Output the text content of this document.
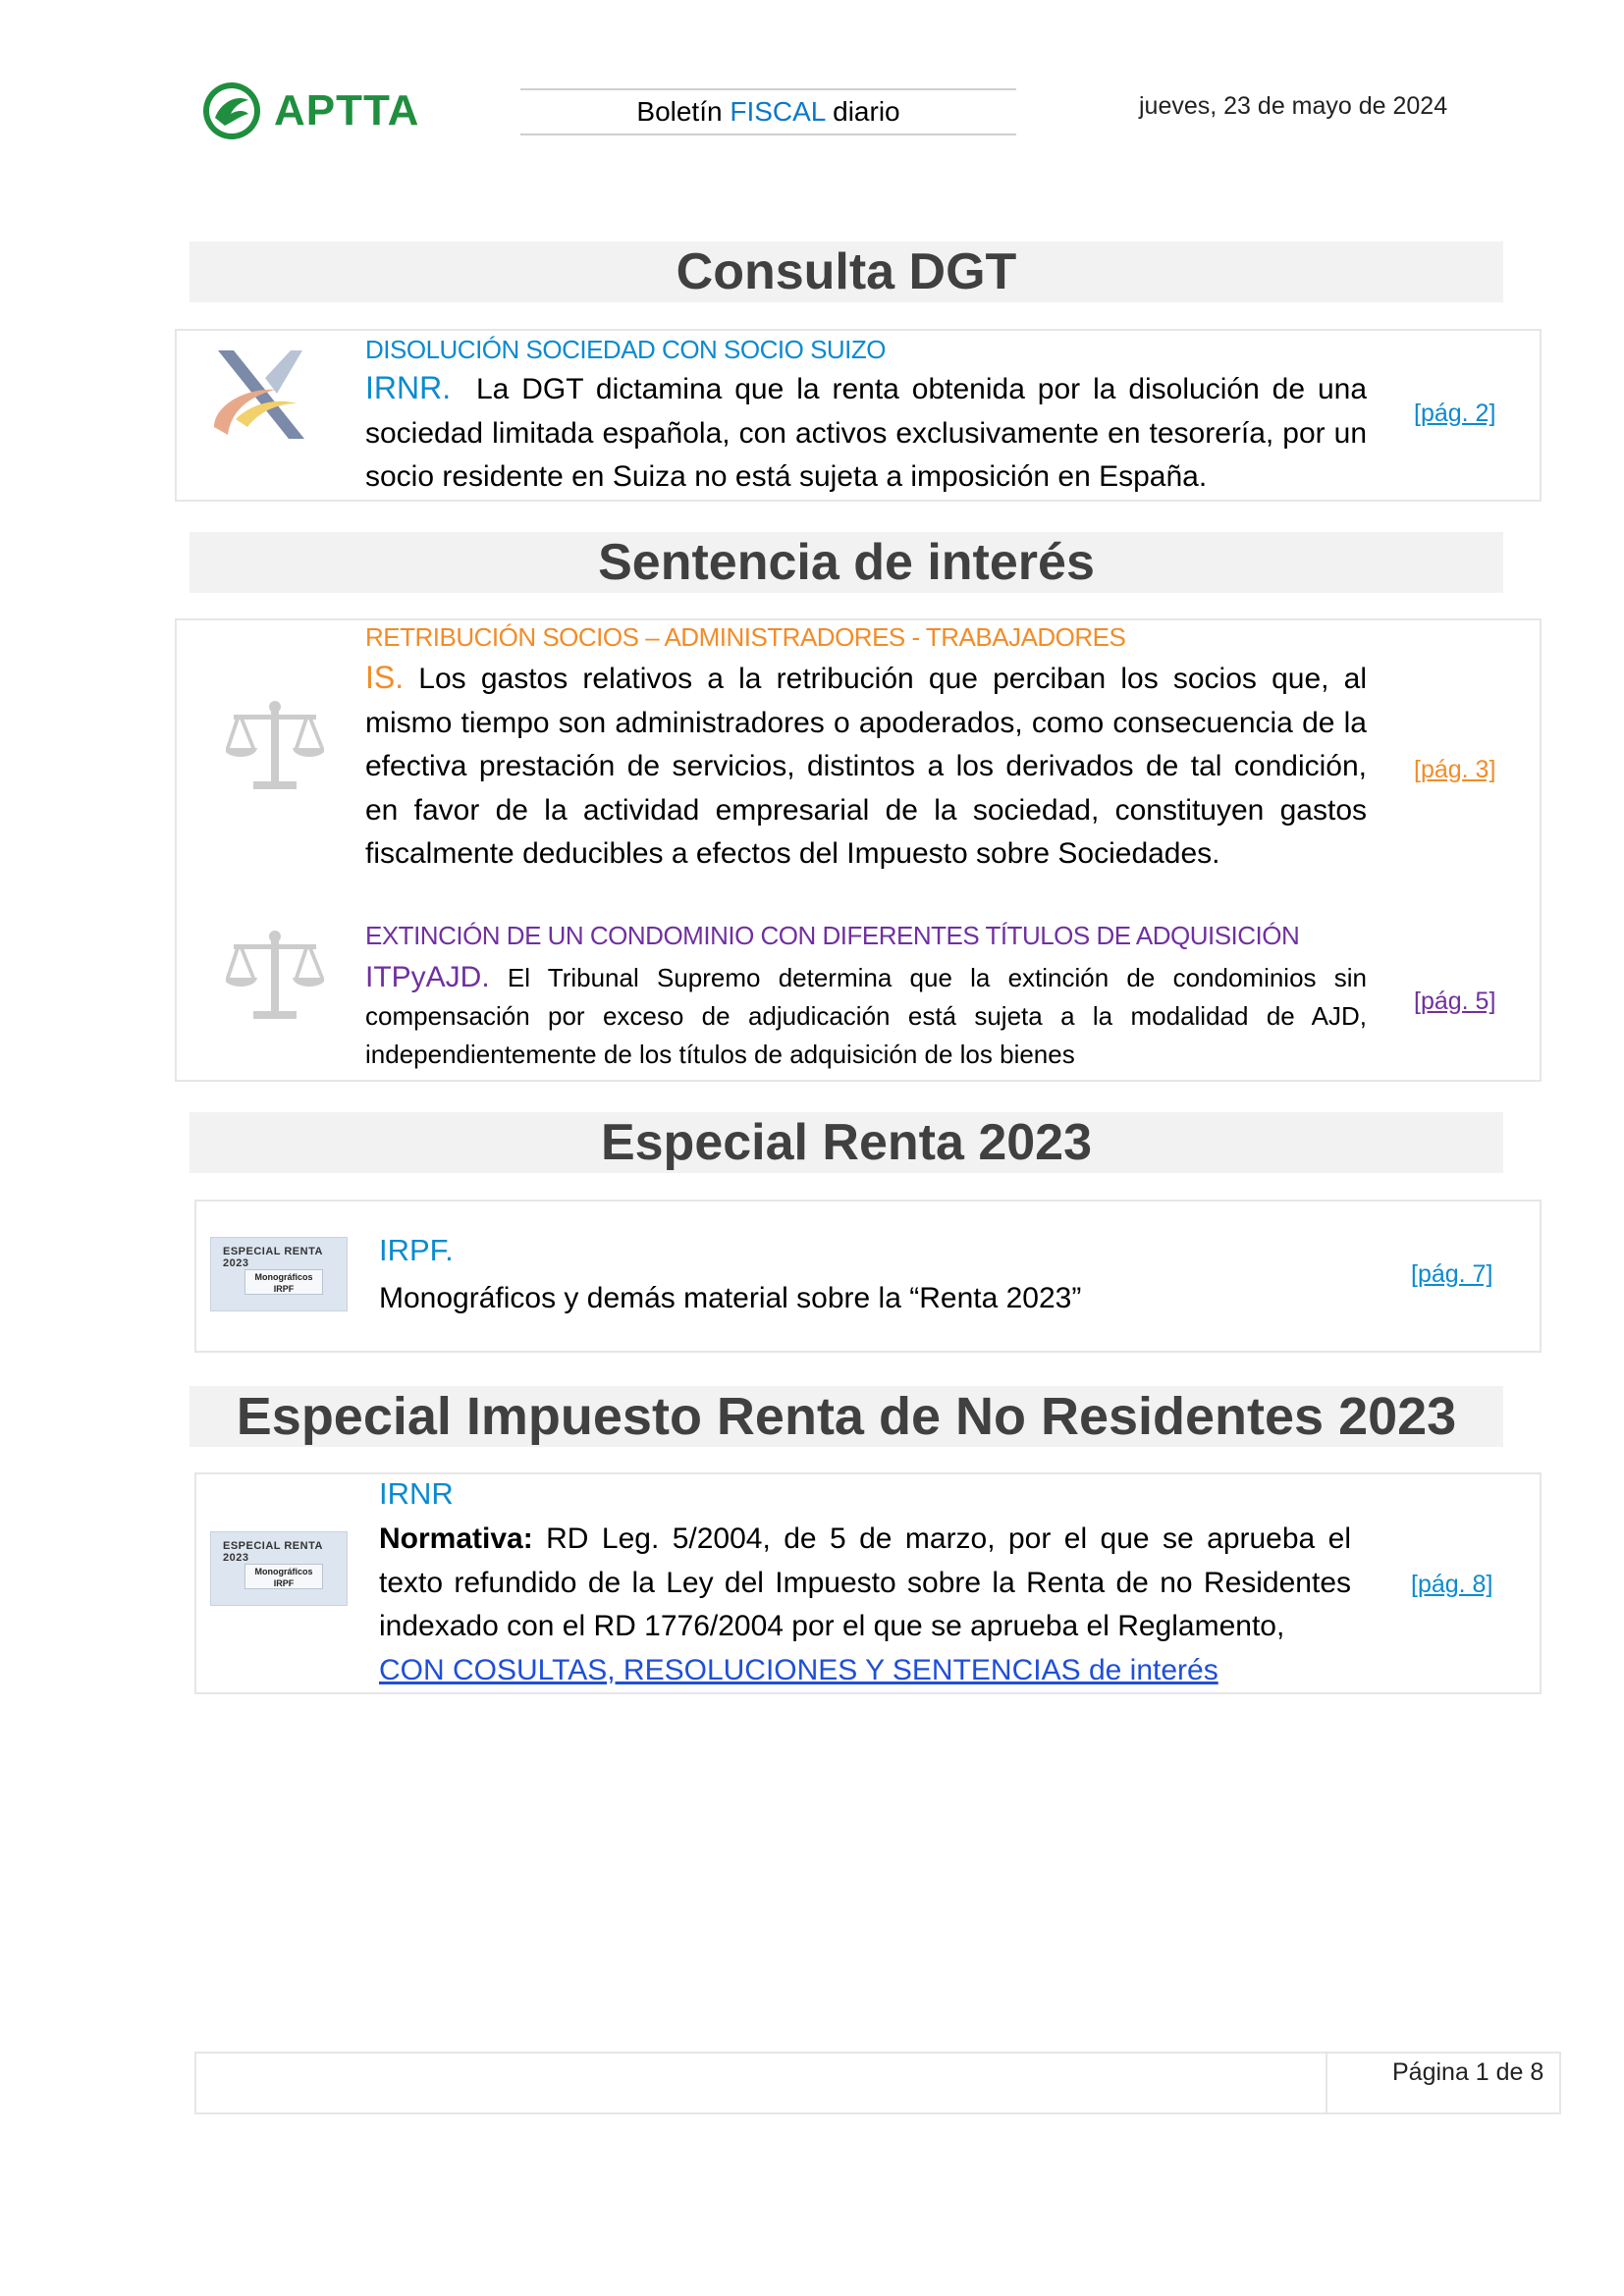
APTTA	Boletín FISCAL diario	jueves, 23 de mayo de 2024
Consulta DGT
DISOLUCIÓN SOCIEDAD CON SOCIO SUIZO
IRNR. La DGT dictamina que la renta obtenida por la disolución de una sociedad limitada española, con activos exclusivamente en tesorería, por un socio residente en Suiza no está sujeta a imposición en España.
[pág. 2]
Sentencia de interés
RETRIBUCIÓN SOCIOS – ADMINISTRADORES - TRABAJADORES
IS. Los gastos relativos a la retribución que perciban los socios que, al mismo tiempo son administradores o apoderados, como consecuencia de la efectiva prestación de servicios, distintos a los derivados de tal condición, en favor de la actividad empresarial de la sociedad, constituyen gastos fiscalmente deducibles a efectos del Impuesto sobre Sociedades.
[pág. 3]
EXTINCIÓN DE UN CONDOMINIO CON DIFERENTES TÍTULOS DE ADQUISICIÓN
ITPyAJD. El Tribunal Supremo determina que la extinción de condominios sin compensación por exceso de adjudicación está sujeta a la modalidad de AJD, independientemente de los títulos de adquisición de los bienes
[pág. 5]
Especial Renta 2023
ESPECIAL RENTA 2023
Monográficos
IRPF
IRPF.
Monográficos y demás material sobre la “Renta 2023”
[pág. 7]
Especial Impuesto Renta de No Residentes 2023
ESPECIAL RENTA 2023
Monográficos
IRPF
IRNR
Normativa: RD Leg. 5/2004, de 5 de marzo, por el que se aprueba el texto refundido de la Ley del Impuesto sobre la Renta de no Residentes indexado con el RD 1776/2004 por el que se aprueba el Reglamento,
CON COSULTAS, RESOLUCIONES Y SENTENCIAS de interés
[pág. 8]
Página 1 de 8
